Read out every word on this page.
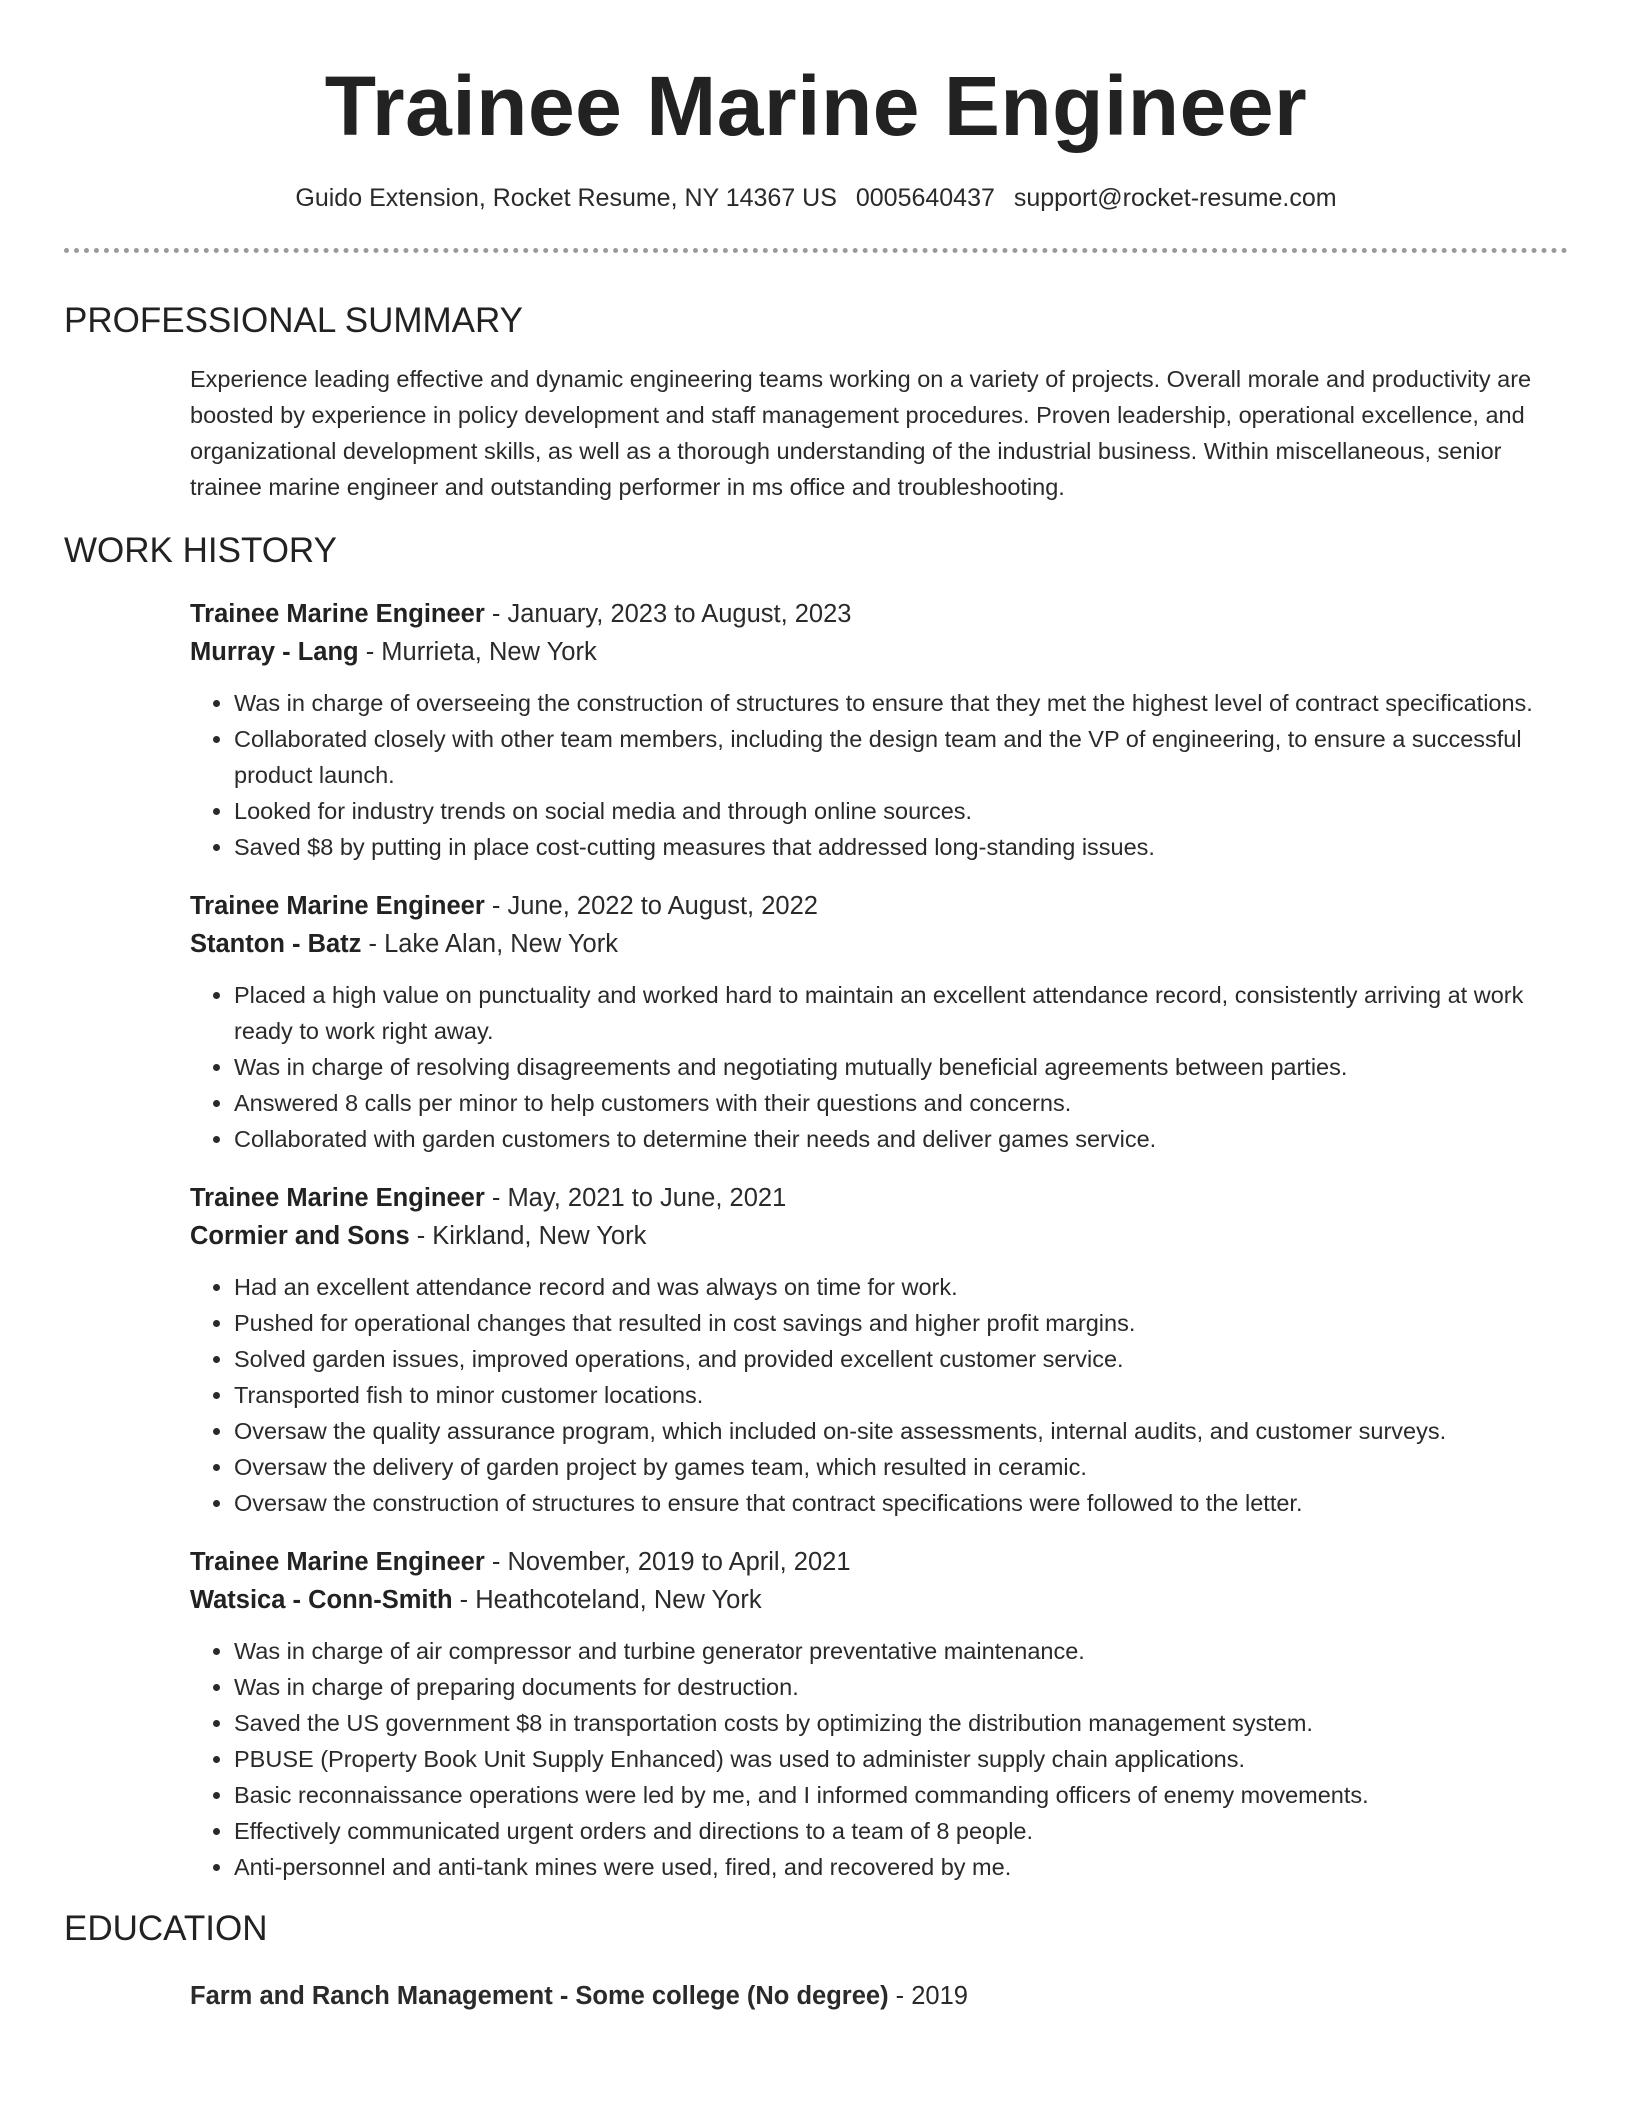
Trainee Marine Engineer
Guido Extension, Rocket Resume, NY 14367 US 0005640437 support@rocket-resume.com
PROFESSIONAL SUMMARY

Experience leading effective and dynamic engineering teams working on a variety of projects. Overall morale and productivity are boosted by experience in policy development and staff management procedures. Proven leadership, operational excellence, and organizational development skills, as well as a thorough understanding of the industrial business. Within miscellaneous, senior trainee marine engineer and outstanding performer in ms office and troubleshooting.

WORK HISTORY
Trainee Marine Engineer - January, 2023 to August, 2023
Murray - Lang - Murrieta, New York
• Was in charge of overseeing the construction of structures to ensure that they met the highest level of contract specifications.
• Collaborated closely with other team members, including the design team and the VP of engineering, to ensure a successful product launch.
• Looked for industry trends on social media and through online sources.
• Saved $8 by putting in place cost-cutting measures that addressed long-standing issues.
Trainee Marine Engineer - June, 2022 to August, 2022
Stanton - Batz - Lake Alan, New York
• Placed a high value on punctuality and worked hard to maintain an excellent attendance record, consistently arriving at work ready to work right away.
• Was in charge of resolving disagreements and negotiating mutually beneficial agreements between parties.
• Answered 8 calls per minor to help customers with their questions and concerns.
• Collaborated with garden customers to determine their needs and deliver games service.
Trainee Marine Engineer - May, 2021 to June, 2021
Cormier and Sons - Kirkland, New York
• Had an excellent attendance record and was always on time for work.
• Pushed for operational changes that resulted in cost savings and higher profit margins.
• Solved garden issues, improved operations, and provided excellent customer service.
• Transported fish to minor customer locations.
• Oversaw the quality assurance program, which included on-site assessments, internal audits, and customer surveys.
• Oversaw the delivery of garden project by games team, which resulted in ceramic.
• Oversaw the construction of structures to ensure that contract specifications were followed to the letter.
Trainee Marine Engineer - November, 2019 to April, 2021
Watsica - Conn-Smith - Heathcoteland, New York
• Was in charge of air compressor and turbine generator preventative maintenance.
• Was in charge of preparing documents for destruction.
• Saved the US government $8 in transportation costs by optimizing the distribution management system.
• PBUSE (Property Book Unit Supply Enhanced) was used to administer supply chain applications.
• Basic reconnaissance operations were led by me, and I informed commanding officers of enemy movements.
• Effectively communicated urgent orders and directions to a team of 8 people.
• Anti-personnel and anti-tank mines were used, fired, and recovered by me.
EDUCATION
Farm and Ranch Management - Some college (No degree) - 2019
